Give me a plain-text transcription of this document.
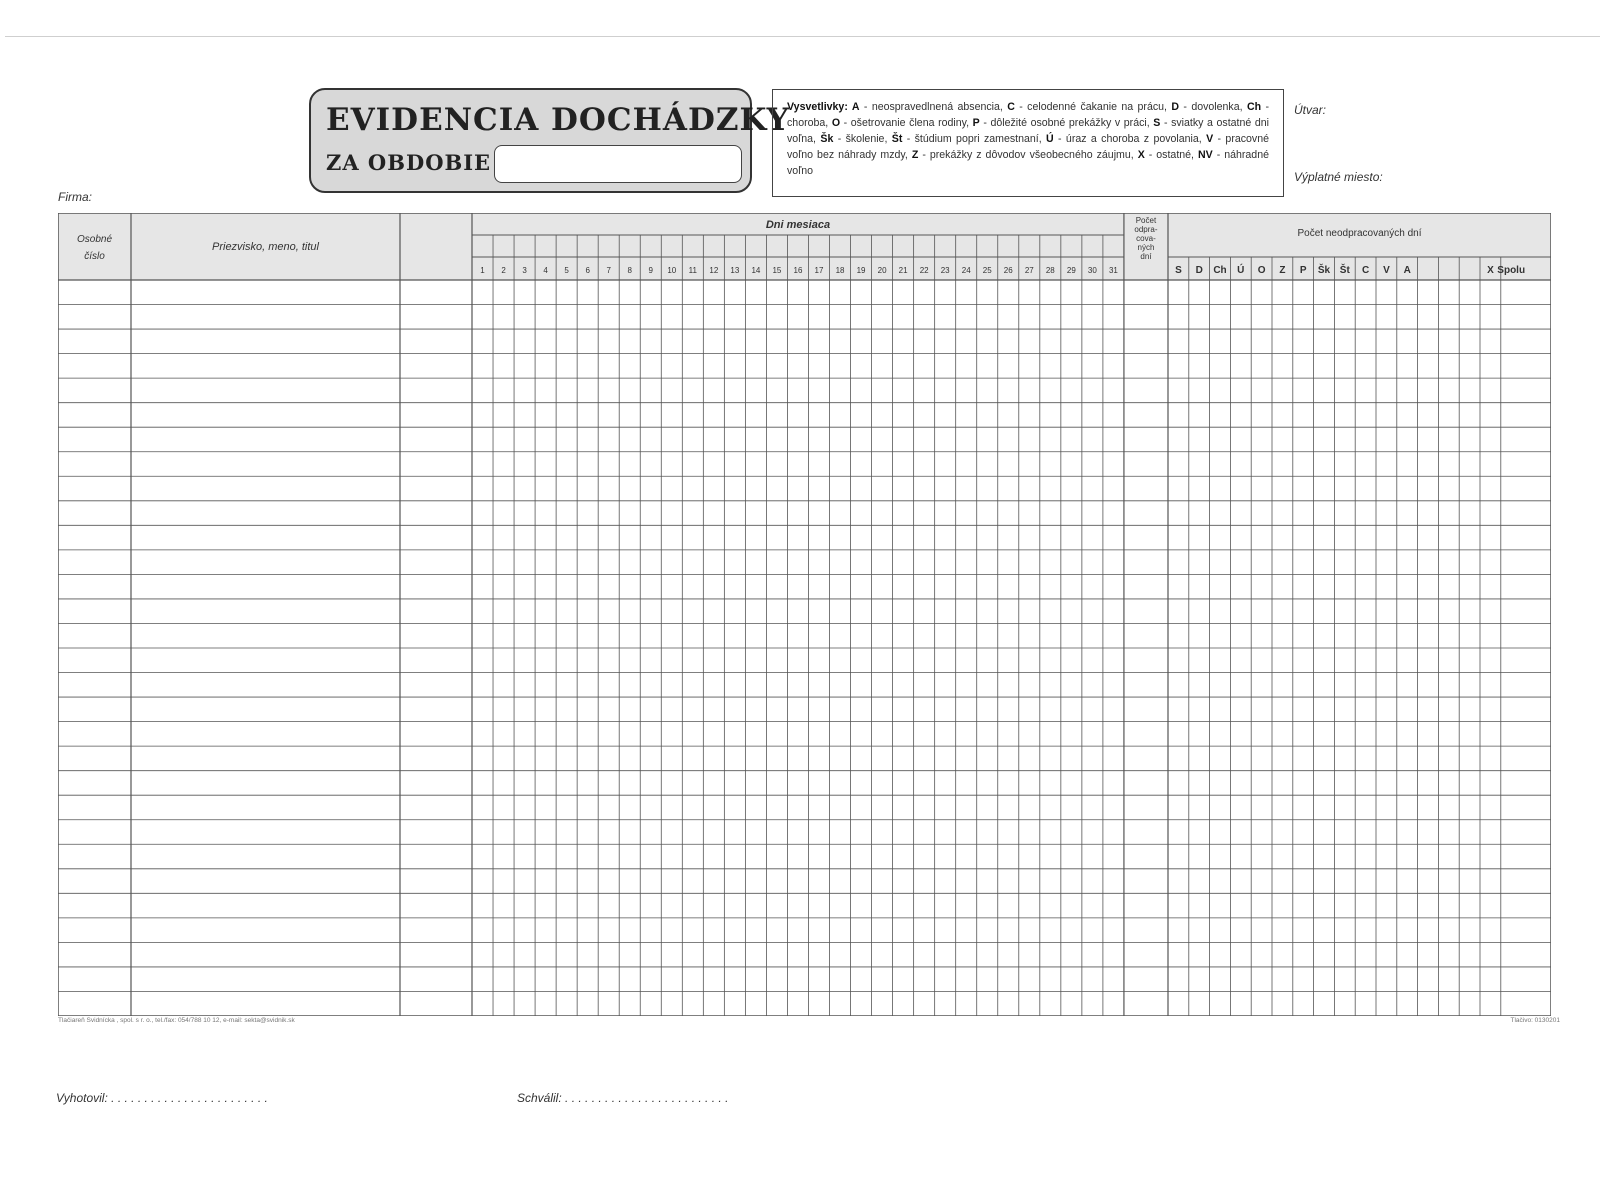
EVIDENCIA DOCHÁDZKY
ZA OBDOBIE
Vysvetlivky: A - neospravedlnená absencia, C - celodenné čakanie na prácu, D - dovolenka, Ch - choroba, O - ošetrovanie člena rodiny, P - dôležité osobné prekážky v práci, S - sviatky a ostatné dni voľna, Šk - školenie, Št - štúdium popri zamestnaní, Ú - úraz a choroba z povolania, V - pracovné voľno bez náhrady mzdy, Z - prekážky z dôvodov všeobecného záujmu, X - ostatné, NV - náhradné voľno
Firma:
Útvar:
Výplatné miesto:
Osobné
číslo
Priezvisko, meno, titul
Dni mesiaca
1 2 3 4 5 6 7 8 9 10 11 12 13 14 15 16 17 18 19 20 21 22 23 24 25 26 27 28 29 30 31
Počet
odpra-
cova-
ných
dní
Počet neodpracovaných dní
S D Ch Ú O Z P Šk Št C V A	X Spolu
Tlačiareň Svidnícka , spol. s r. o., tel./fax: 054/788 10 12, e-mail: sekta@svidnik.sk	Tlačivo: 0130201
Vyhotovil: . . . . . . . . . . . . . . . . . . . . . . . .	Schválil: . . . . . . . . . . . . . . . . . . . . . . . . .
